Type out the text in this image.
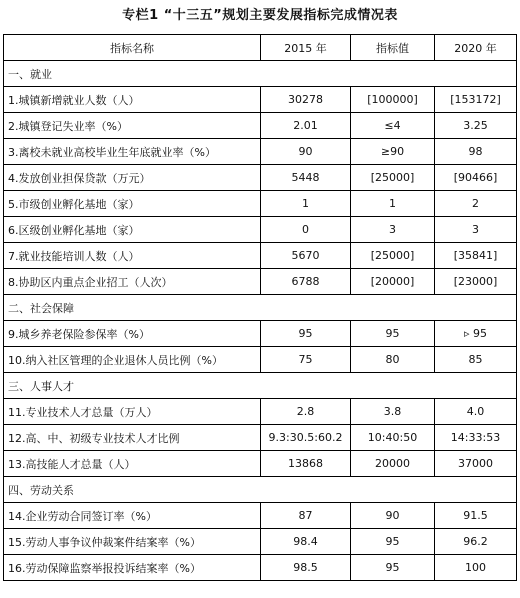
专栏1 “十三五”规划主要发展指标完成情况表
指标名称	2015 年	指标值	2020 年
一、就业			
1.城镇新增就业人数（人）	30278	[100000]	[153172]
2.城镇登记失业率（%）	2.01	≤4	3.25
3.离校未就业高校毕业生年底就业率（%）	90	≥90	98
4.发放创业担保贷款（万元）	5448	[25000]	[90466]
5.市级创业孵化基地（家）	1	1	2
6.区级创业孵化基地（家）	0	3	3
7.就业技能培训人数（人）	5670	[25000]	[35841]
8.协助区内重点企业招工（人次）	6788	[20000]	[23000]
二、社会保障			
9.城乡养老保险参保率（%）	95	95	▹ 95
10.纳入社区管理的企业退休人员比例（%）	75	80	85
三、人事人才			
11.专业技术人才总量（万人）	2.8	3.8	4.0
12.高、中、初级专业技术人才比例	9.3:30.5:60.2	10:40:50	14:33:53
13.高技能人才总量（人）	13868	20000	37000
四、劳动关系			
14.企业劳动合同签订率（%）	87	90	91.5
15.劳动人事争议仲裁案件结案率（%）	98.4	95	96.2
16.劳动保障监察举报投诉结案率（%）	98.5	95	100
